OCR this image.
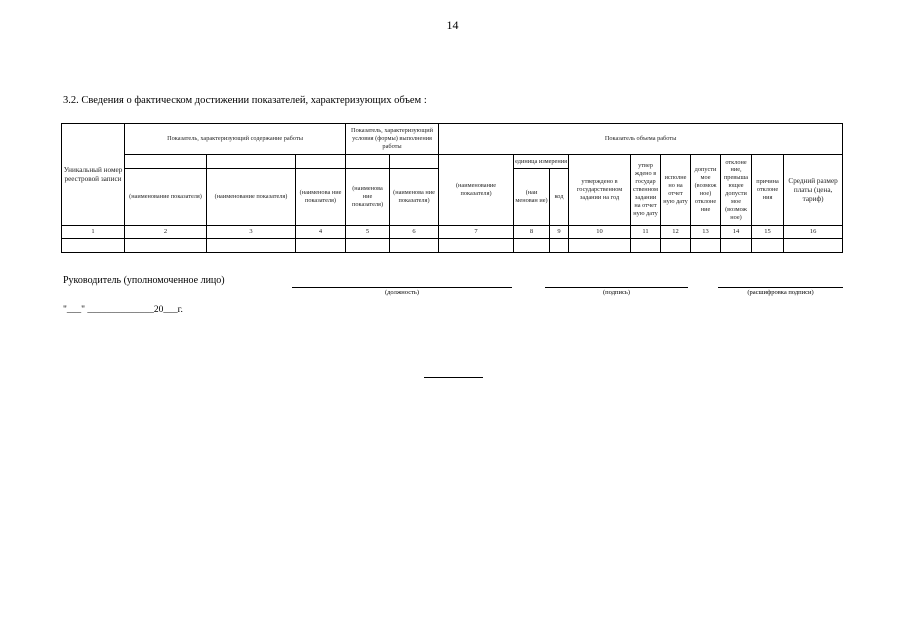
14
3.2. Сведения о фактическом достижении показателей, характеризующих объем :
Уникальный номер реестровой записи	Показатель, характеризующий содержание работы			Показатель, характеризующий условия (формы) выполнения работы		Показатель объема работы									
						(наименование показателя)	единица измерения		утверждено в государственном задании на год	утвер ждено в государ ственном задании на отчет ную дату	исполне но на отчет ную дату	допусти мое (возмож ное) отклоне ние	отклоне ние, превыша ющее допусти мое (возмож ное)	причина отклоне ния	Средний размер платы (цена, тариф)
	(наименование показателя)	(наименование показателя)	(наименова ние показателя)	(наименова ние показателя)	(наименова ние показателя)		(наи менован ие)	код							
1	2	3	4	5	6	7	8	9	10	11	12	13	14	15	16

Руководитель (уполномоченное лицо)
(должность)	(подпись)	(расшифровка подписи)
"___" ______________20___г.
